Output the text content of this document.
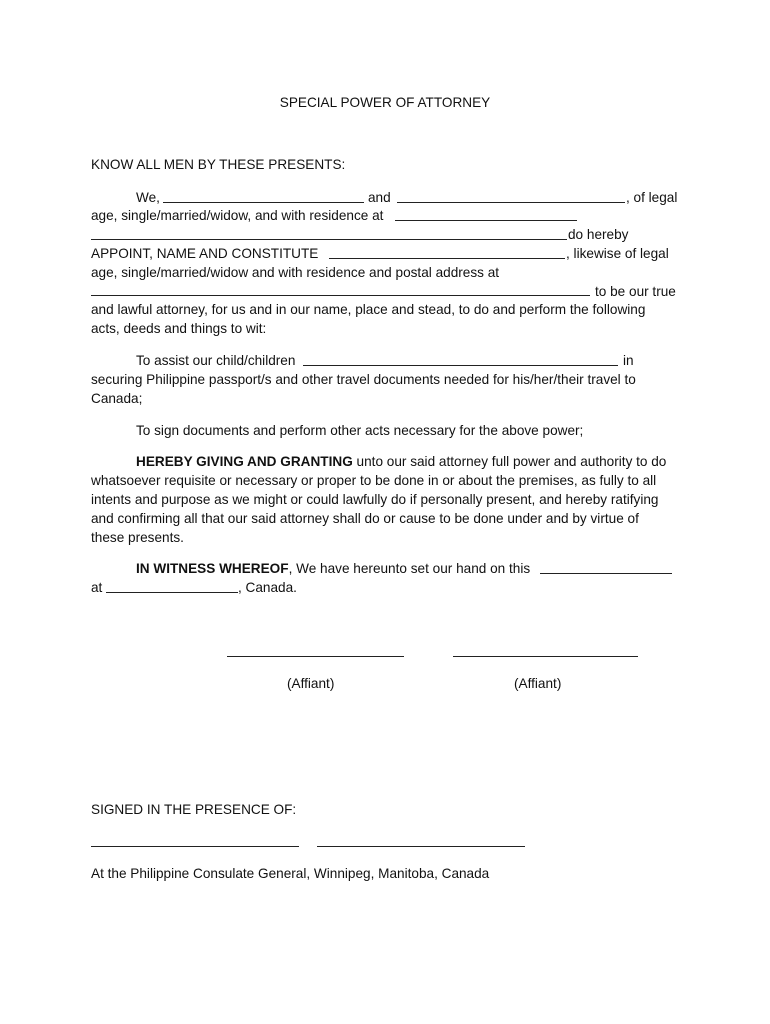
SPECIAL POWER OF ATTORNEY
KNOW ALL MEN BY THESE PRESENTS:
We,	and	, of legal
age, single/married/widow, and with residence at
do hereby
APPOINT, NAME AND CONSTITUTE	, likewise of legal
age, single/married/widow and with residence and postal address at
to be our true
and lawful attorney, for us and in our name, place and stead, to do and perform the following
acts, deeds and things to wit:
To assist our child/children	in
securing Philippine passport/s and other travel documents needed for his/her/their travel to
Canada;
To sign documents and perform other acts necessary for the above power;
HEREBY GIVING AND GRANTING unto our said attorney full power and authority to do
whatsoever requisite or necessary or proper to be done in or about the premises, as fully to all
intents and purpose as we might or could lawfully do if personally present, and hereby ratifying
and confirming all that our said attorney shall do or cause to be done under and by virtue of
these presents.
IN WITNESS WHEREOF, We have hereunto set our hand on this
at	, Canada.
(Affiant)	(Affiant)
SIGNED IN THE PRESENCE OF:
At the Philippine Consulate General, Winnipeg, Manitoba, Canada
